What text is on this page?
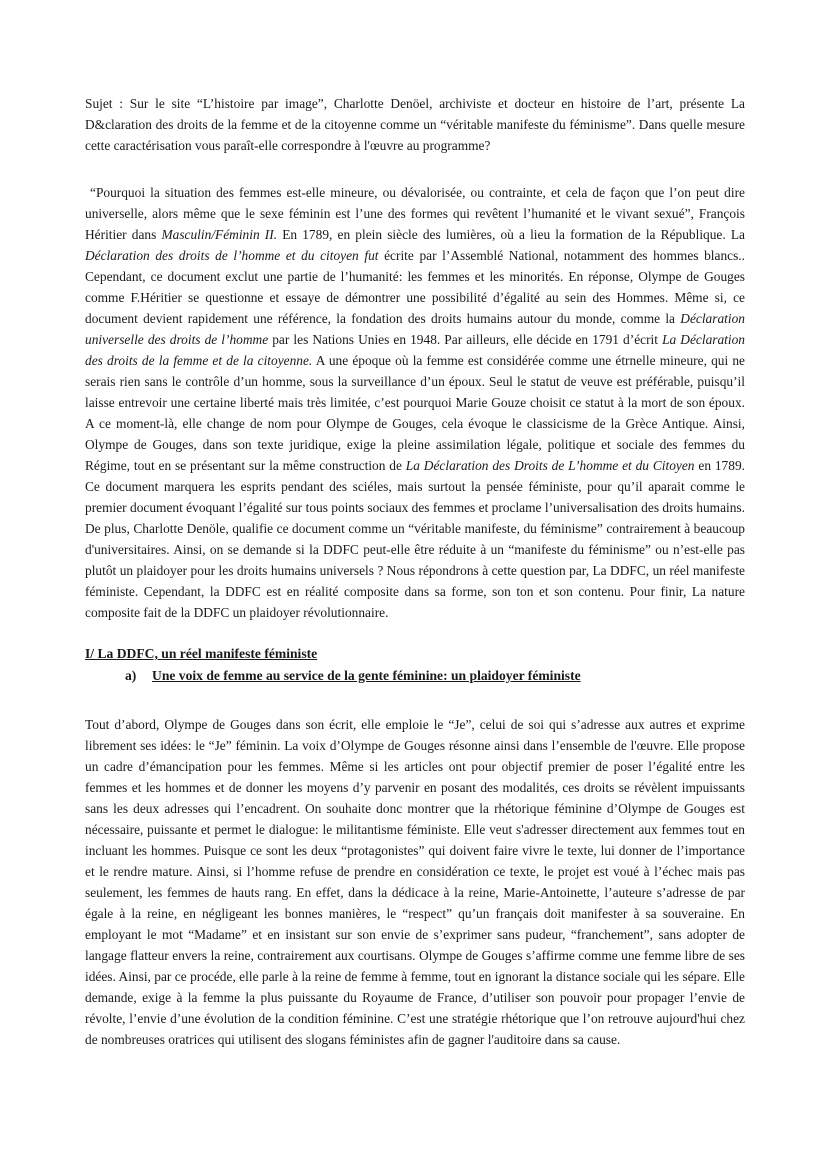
Sujet : Sur le site “L’histoire par image”, Charlotte Denöel, archiviste et docteur en histoire de l’art, présente La D&claration des droits de la femme et de la citoyenne comme un “véritable manifeste du féminisme”. Dans quelle mesure cette caractérisation vous paraît-elle correspondre à l'œuvre au programme?

“Pourquoi la situation des femmes est-elle mineure, ou dévalorisée, ou contrainte, et cela de façon que l’on peut dire universelle, alors même que le sexe féminin est l’une des formes qui revêtent l’humanité et le vivant sexué”, François Héritier dans Masculin/Féminin II. En 1789, en plein siècle des lumières, où a lieu la formation de la République. La Déclaration des droits de l’homme et du citoyen fut écrite par l’Assemblé National, notamment des hommes blancs.. Cependant, ce document exclut une partie de l’humanité: les femmes et les minorités. En réponse, Olympe de Gouges comme F.Héritier se questionne et essaye de démontrer une possibilité d’égalité au sein des Hommes. Même si, ce document devient rapidement une référence, la fondation des droits humains autour du monde, comme la Déclaration universelle des droits de l’homme par les Nations Unies en 1948. Par ailleurs, elle décide en 1791 d’écrit La Déclaration des droits de la femme et de la citoyenne. A une époque où la femme est considérée comme une étrnelle mineure, qui ne serais rien sans le contrôle d’un homme, sous la surveillance d’un époux. Seul le statut de veuve est préférable, puisqu’il laisse entrevoir une certaine liberté mais très limitée, c’est pourquoi Marie Gouze choisit ce statut à la mort de son époux. A ce moment-là, elle change de nom pour Olympe de Gouges, cela évoque le classicisme de la Grèce Antique. Ainsi, Olympe de Gouges, dans son texte juridique, exige la pleine assimilation légale, politique et sociale des femmes du Régime, tout en se présentant sur la même construction de La Déclaration des Droits de L’homme et du Citoyen en 1789. Ce document marquera les esprits pendant des sciéles, mais surtout la pensée féministe, pour qu’il aparait comme le premier document évoquant l’égalité sur tous points sociaux des femmes et proclame l’universalisation des droits humains. De plus, Charlotte Denöle, qualifie ce document comme un “véritable manifeste, du féminisme” contrairement à beaucoup d'universitaires. Ainsi, on se demande si la DDFC peut-elle être réduite à un “manifeste du féminisme” ou n’est-elle pas plutôt un plaidoyer pour les droits humains universels ? Nous répondrons à cette question par, La DDFC, un réel manifeste féministe. Cependant, la DDFC est en réalité composite dans sa forme, son ton et son contenu. Pour finir, La nature composite fait de la DDFC un plaidoyer révolutionnaire.

I/ La DDFC, un réel manifeste féministe

a) Une voix de femme au service de la gente féminine: un plaidoyer féministe

Tout d’abord, Olympe de Gouges dans son écrit, elle emploie le “Je”, celui de soi qui s’adresse aux autres et exprime librement ses idées: le “Je” féminin. La voix d’Olympe de Gouges résonne ainsi dans l’ensemble de l'œuvre. Elle propose un cadre d’émancipation pour les femmes. Même si les articles ont pour objectif premier de poser l’égalité entre les femmes et les hommes et de donner les moyens d’y parvenir en posant des modalités, ces droits se révèlent impuissants sans les deux adresses qui l’encadrent. On souhaite donc montrer que la rhétorique féminine d’Olympe de Gouges est nécessaire, puissante et permet le dialogue: le militantisme féministe. Elle veut s'adresser directement aux femmes tout en incluant les hommes. Puisque ce sont les deux “protagonistes” qui doivent faire vivre le texte, lui donner de l’importance et le rendre mature. Ainsi, si l’homme refuse de prendre en considération ce texte, le projet est voué à l’échec mais pas seulement, les femmes de hauts rang. En effet, dans la dédicace à la reine, Marie-Antoinette, l’auteure s’adresse de par égale à la reine, en négligeant les bonnes manières, le “respect” qu’un français doit manifester à sa souveraine. En employant le mot “Madame” et en insistant sur son envie de s’exprimer sans pudeur, “franchement”, sans adopter de langage flatteur envers la reine, contrairement aux courtisans. Olympe de Gouges s’affirme comme une femme libre de ses idées. Ainsi, par ce procéde, elle parle à la reine de femme à femme, tout en ignorant la distance sociale qui les sépare. Elle demande, exige à la femme la plus puissante du Royaume de France, d’utiliser son pouvoir pour propager l’envie de révolte, l’envie d’une évolution de la condition féminine. C’est une stratégie rhétorique que l’on retrouve aujourd'hui chez de nombreuses oratrices qui utilisent des slogans féministes afin de gagner l'auditoire dans sa cause.
